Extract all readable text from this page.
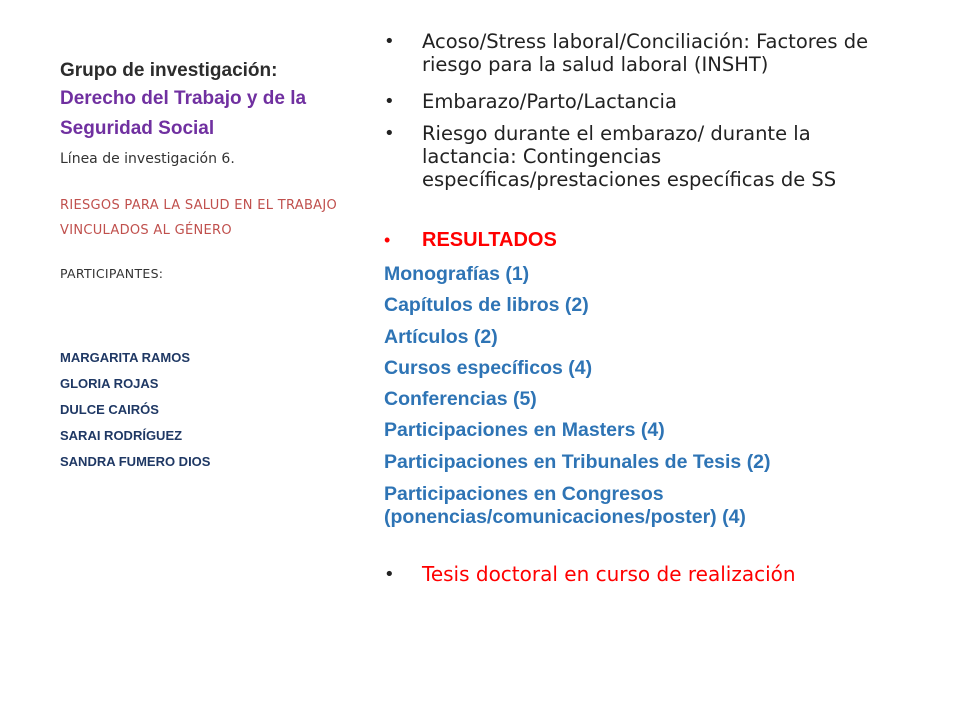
Grupo de investigación:
Derecho del Trabajo y de la Seguridad Social
Línea de investigación 6.
RIESGOS PARA LA SALUD EN EL TRABAJO VINCULADOS AL GÉNERO
PARTICIPANTES:
MARGARITA RAMOS
GLORIA ROJAS
DULCE CAIRÓS
SARAI RODRÍGUEZ
SANDRA FUMERO DIOS
• Acoso/Stress laboral/Conciliación: Factores de riesgo para la salud laboral (INSHT)
• Embarazo/Parto/Lactancia
• Riesgo durante el embarazo/ durante la lactancia: Contingencias específicas/prestaciones específicas de SS
• RESULTADOS
Monografías (1)
Capítulos de libros (2)
Artículos (2)
Cursos específicos (4)
Conferencias (5)
Participaciones en Masters (4)
Participaciones en Tribunales de Tesis (2)
Participaciones en Congresos (ponencias/comunicaciones/poster) (4)
• Tesis doctoral en curso de realización
